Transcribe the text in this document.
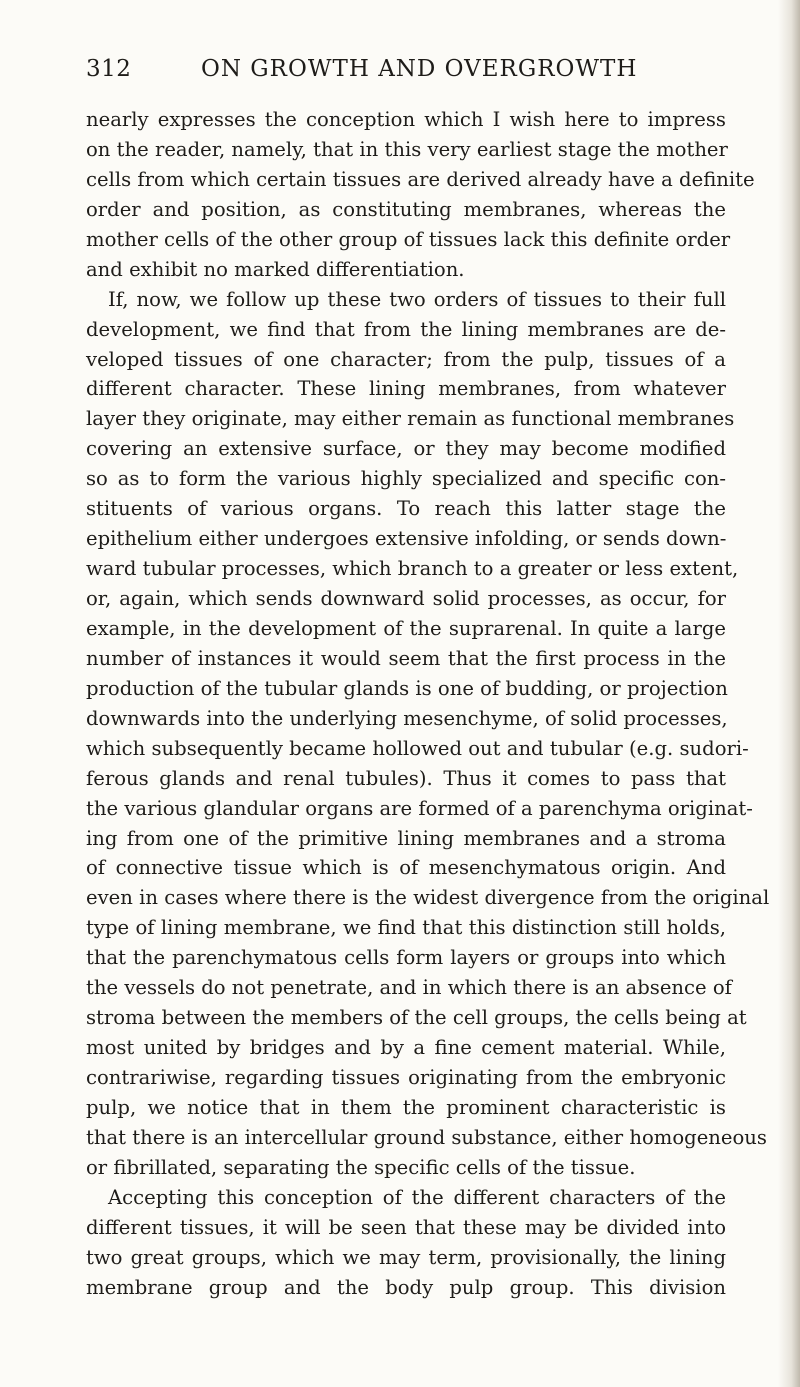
312	ON GROWTH AND OVERGROWTH
nearly expresses the conception which I wish here to impress
on the reader, namely, that in this very earliest stage the mother
cells from which certain tissues are derived already have a definite
order and position, as constituting membranes, whereas the
mother cells of the other group of tissues lack this definite order
and exhibit no marked differentiation.
If, now, we follow up these two orders of tissues to their full
development, we find that from the lining membranes are de-
veloped tissues of one character; from the pulp, tissues of a
different character. These lining membranes, from whatever
layer they originate, may either remain as functional membranes
covering an extensive surface, or they may become modified
so as to form the various highly specialized and specific con-
stituents of various organs. To reach this latter stage the
epithelium either undergoes extensive infolding, or sends down-
ward tubular processes, which branch to a greater or less extent,
or, again, which sends downward solid processes, as occur, for
example, in the development of the suprarenal. In quite a large
number of instances it would seem that the first process in the
production of the tubular glands is one of budding, or projection
downwards into the underlying mesenchyme, of solid processes,
which subsequently became hollowed out and tubular (e.g. sudori-
ferous glands and renal tubules). Thus it comes to pass that
the various glandular organs are formed of a parenchyma originat-
ing from one of the primitive lining membranes and a stroma
of connective tissue which is of mesenchymatous origin. And
even in cases where there is the widest divergence from the original
type of lining membrane, we find that this distinction still holds,
that the parenchymatous cells form layers or groups into which
the vessels do not penetrate, and in which there is an absence of
stroma between the members of the cell groups, the cells being at
most united by bridges and by a fine cement material. While,
contrariwise, regarding tissues originating from the embryonic
pulp, we notice that in them the prominent characteristic is
that there is an intercellular ground substance, either homogeneous
or fibrillated, separating the specific cells of the tissue.
Accepting this conception of the different characters of the
different tissues, it will be seen that these may be divided into
two great groups, which we may term, provisionally, the lining
membrane group and the body pulp group. This division
